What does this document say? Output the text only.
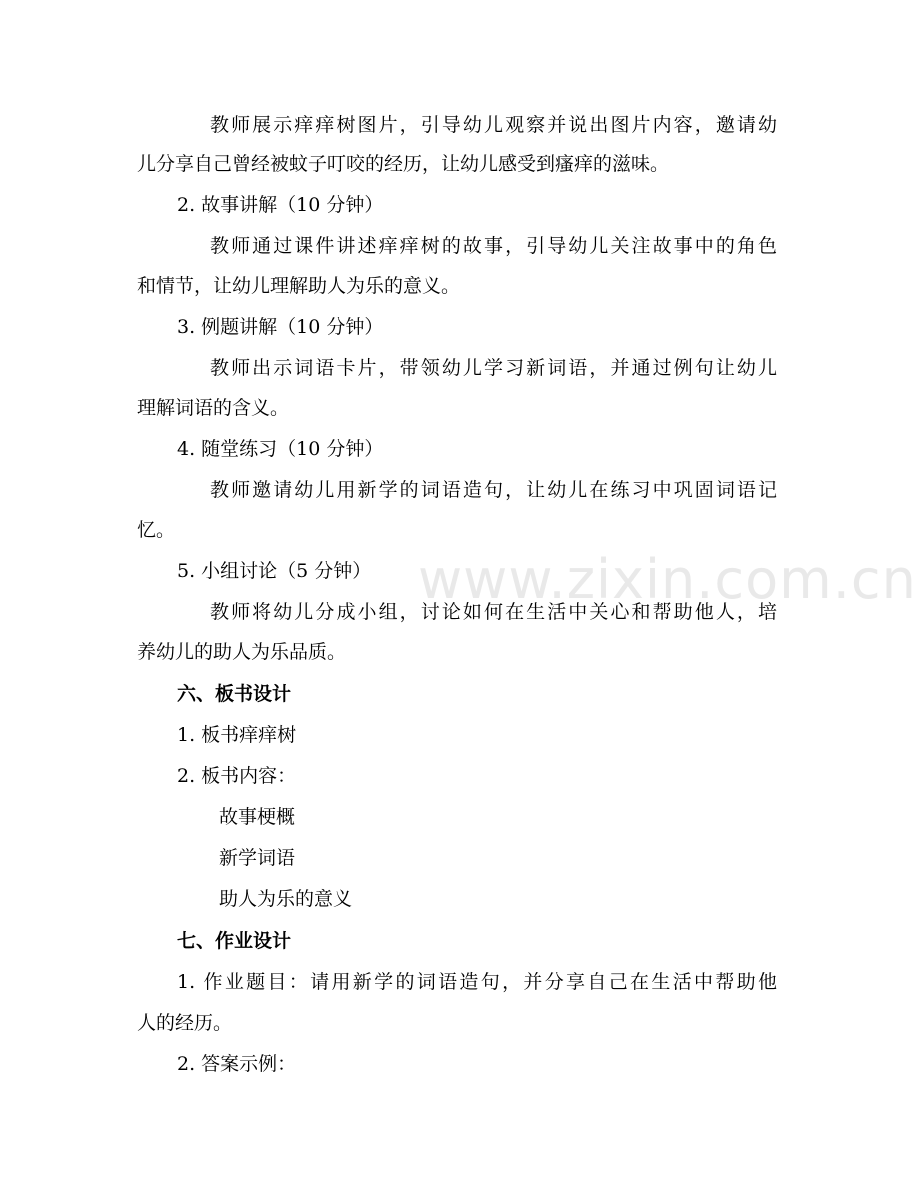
www.zixin.com.cn
教师展示痒痒树图片，引导幼儿观察并说出图片内容，邀请幼
儿分享自己曾经被蚊子叮咬的经历，让幼儿感受到瘙痒的滋味。
2. 故事讲解（10 分钟）
教师通过课件讲述痒痒树的故事，引导幼儿关注故事中的角色
和情节，让幼儿理解助人为乐的意义。
3. 例题讲解（10 分钟）
教师出示词语卡片，带领幼儿学习新词语，并通过例句让幼儿
理解词语的含义。
4. 随堂练习（10 分钟）
教师邀请幼儿用新学的词语造句，让幼儿在练习中巩固词语记
忆。
5. 小组讨论（5 分钟）
教师将幼儿分成小组，讨论如何在生活中关心和帮助他人，培
养幼儿的助人为乐品质。
六、板书设计
1. 板书痒痒树
2. 板书内容：
故事梗概
新学词语
助人为乐的意义
七、作业设计
1. 作业题目：请用新学的词语造句，并分享自己在生活中帮助他
人的经历。
2. 答案示例：
